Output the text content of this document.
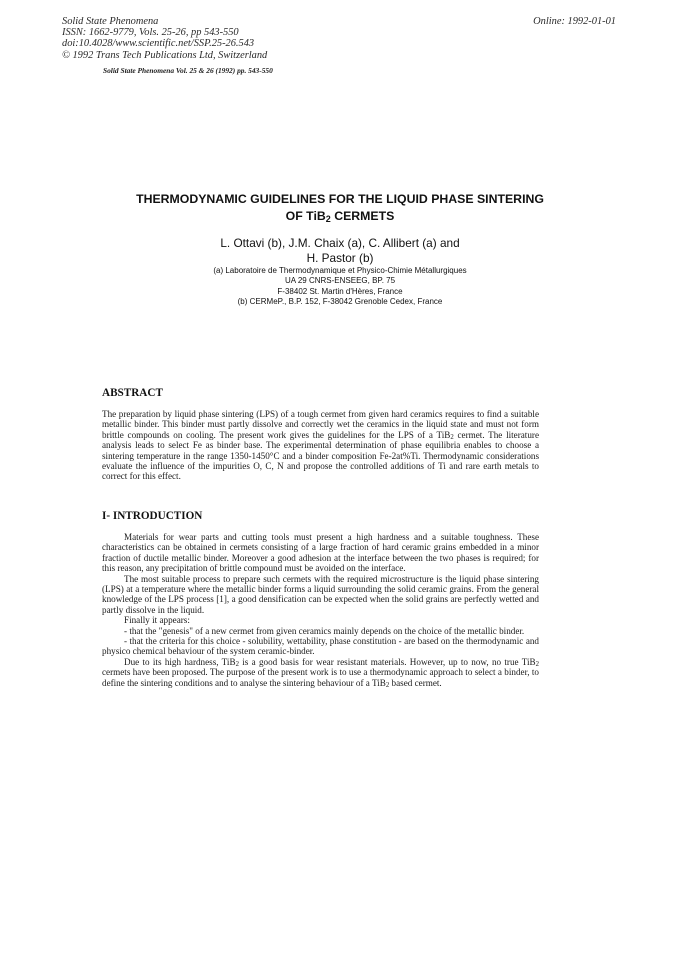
Solid State Phenomena
ISSN: 1662-9779, Vols. 25-26, pp 543-550
doi:10.4028/www.scientific.net/SSP.25-26.543
© 1992 Trans Tech Publications Ltd, Switzerland
Online: 1992-01-01
Solid State Phenomena Vol. 25 & 26 (1992) pp. 543-550
THERMODYNAMIC GUIDELINES FOR THE LIQUID PHASE SINTERING
OF TiB$_2$ CERMETS
L. Ottavi (b), J.M. Chaix (a), C. Allibert (a) and
H. Pastor (b)
(a) Laboratoire de Thermodynamique et Physico-Chimie Métallurgiques
UA 29 CNRS-ENSEEG, BP. 75
F-38402 St. Martin d'Hères, France
(b) CERMeP., B.P. 152, F-38042 Grenoble Cedex, France
ABSTRACT

The preparation by liquid phase sintering (LPS) of a tough cermet from given hard ceramics requires to find a suitable metallic binder. This binder must partly dissolve and correctly wet the ceramics in the liquid state and must not form brittle compounds on cooling. The present work gives the guidelines for the LPS of a TiB$_2$ cermet. The literature analysis leads to select Fe as binder base. The experimental determination of phase equilibria enables to choose a sintering temperature in the range 1350-1450°C and a binder composition Fe-2at%Ti. Thermodynamic considerations evaluate the influence of the impurities O, C, N and propose the controlled additions of Ti and rare earth metals to correct for this effect.

I- INTRODUCTION

Materials for wear parts and cutting tools must present a high hardness and a suitable toughness. These characteristics can be obtained in cermets consisting of a large fraction of hard ceramic grains embedded in a minor fraction of ductile metallic binder. Moreover a good adhesion at the interface between the two phases is required; for this reason, any precipitation of brittle compound must be avoided on the interface.

The most suitable process to prepare such cermets with the required microstructure is the liquid phase sintering (LPS) at a temperature where the metallic binder forms a liquid surrounding the solid ceramic grains. From the general knowledge of the LPS process [1], a good densification can be expected when the solid grains are perfectly wetted and partly dissolve in the liquid.

Finally it appears:

- that the "genesis" of a new cermet from given ceramics mainly depends on the choice of the metallic binder.

- that the criteria for this choice - solubility, wettability, phase constitution - are based on the thermodynamic and physico chemical behaviour of the system ceramic-binder.

Due to its high hardness, TiB$_2$ is a good basis for wear resistant materials. However, up to now, no true TiB$_2$ cermets have been proposed. The purpose of the present work is to use a thermodynamic approach to select a binder, to define the sintering conditions and to analyse the sintering behaviour of a TiB$_2$ based cermet.
